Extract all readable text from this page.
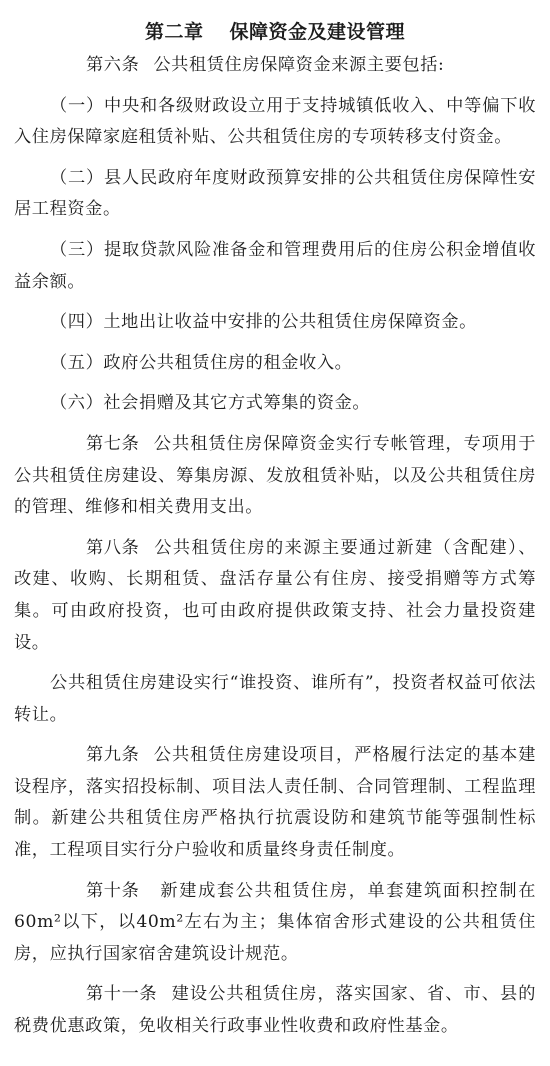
第二章 保障资金及建设管理

第六条 公共租赁住房保障资金来源主要包括:

（一）中央和各级财政设立用于支持城镇低收入、中等偏下收入住房保障家庭租赁补贴、公共租赁住房的专项转移支付资金。

（二）县人民政府年度财政预算安排的公共租赁住房保障性安居工程资金。

（三）提取贷款风险准备金和管理费用后的住房公积金增值收益余额。

（四）土地出让收益中安排的公共租赁住房保障资金。

（五）政府公共租赁住房的租金收入。

（六）社会捐赠及其它方式筹集的资金。

第七条 公共租赁住房保障资金实行专帐管理，专项用于公共租赁住房建设、筹集房源、发放租赁补贴，以及公共租赁住房的管理、维修和相关费用支出。

第八条 公共租赁住房的来源主要通过新建（含配建）、改建、收购、长期租赁、盘活存量公有住房、接受捐赠等方式筹集。可由政府投资，也可由政府提供政策支持、社会力量投资建设。

公共租赁住房建设实行“谁投资、谁所有”，投资者权益可依法转让。

第九条 公共租赁住房建设项目，严格履行法定的基本建设程序，落实招投标制、项目法人责任制、合同管理制、工程监理制。新建公共租赁住房严格执行抗震设防和建筑节能等强制性标准，工程项目实行分户验收和质量终身责任制度。

第十条 新建成套公共租赁住房，单套建筑面积控制在60m²以下，以40m²左右为主；集体宿舍形式建设的公共租赁住房，应执行国家宿舍建筑设计规范。

第十一条 建设公共租赁住房，落实国家、省、市、县的税费优惠政策，免收相关行政事业性收费和政府性基金。
